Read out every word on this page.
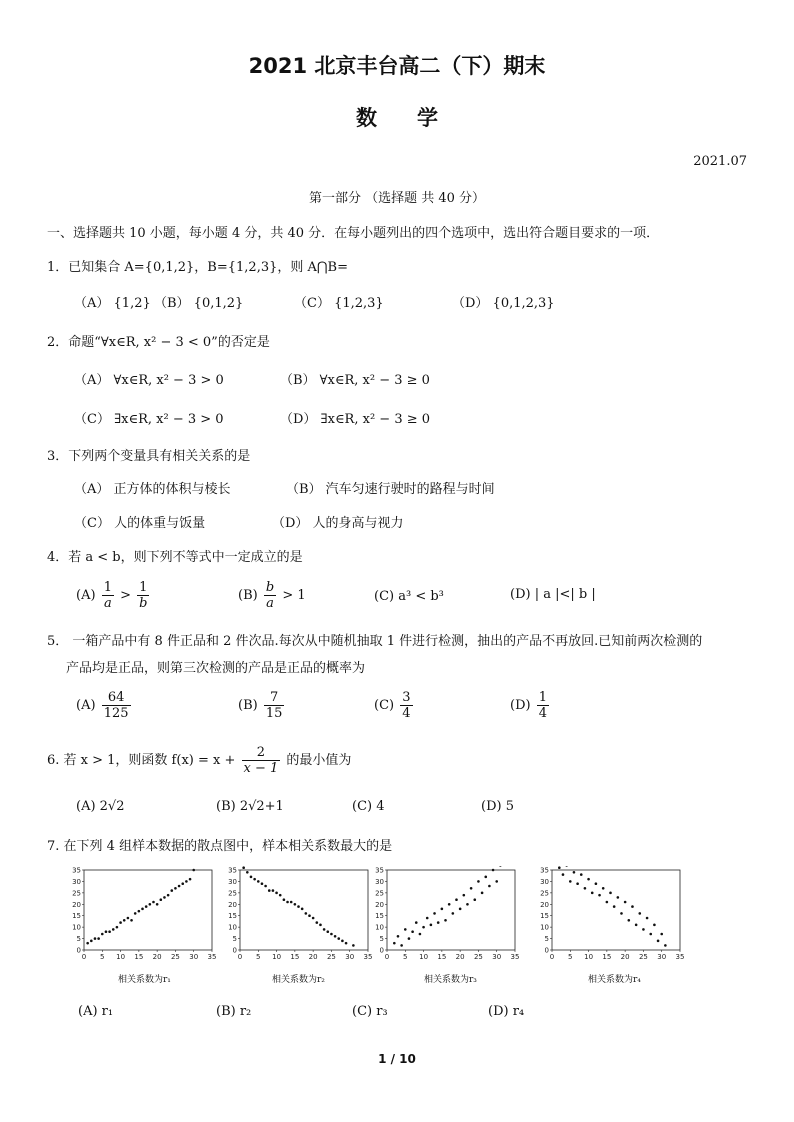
2021 北京丰台高二（下）期末
数学
2021.07
第一部分 （选择题 共 40 分）
一、选择题共 10 小题，每小题 4 分，共 40 分．在每小题列出的四个选项中，选出符合题目要求的一项．
1．已知集合 A={0,1,2}，B={1,2,3}，则 A⋂B=
（A） {1,2} （B） {0,1,2}	（C） {1,2,3}	（D） {0,1,2,3}
2．命题“∀x∈R, x² − 3 < 0”的否定是
（A） ∀x∈R, x² − 3 > 0	（B） ∀x∈R, x² − 3 ≥ 0
（C） ∃x∈R, x² − 3 > 0	（D） ∃x∈R, x² − 3 ≥ 0
3．下列两个变量具有相关关系的是
（A） 正方体的体积与棱长	（B） 汽车匀速行驶时的路程与时间
（C） 人的体重与饭量	（D） 人的身高与视力
4．若 a < b，则下列不等式中一定成立的是
$(A) \frac{1}{a} > \frac{1}{b}$	$(B) \frac{b}{a} > 1$	(C) a³ < b³	(D) | a |<| b |
5． 一箱产品中有 8 件正品和 2 件次品.每次从中随机抽取 1 件进行检测，抽出的产品不再放回.已知前两次检测的
产品均是正品，则第三次检测的产品是正品的概率为
$(A) \frac{64}{125}$	$(B) \frac{7}{15}$	$(C) \frac{3}{4}$	$(D) \frac{1}{4}$
6. 若 x > 1，则函数 $f(x) = x + \frac{2}{x - 1}$ 的最小值为
(A) 2√2	(B) 2√2+1	(C) 4	(D) 5
7. 在下列 4 组样本数据的散点图中，样本相关系数最大的是
0 5 10 15 20 25 30 35
0
5
10
15
20
25
30
35
0 5 10 15 20 25 30 35
0
5
10
15
20
25
30
35
0 5 10 15 20 25 30 35
0
5
10
15
20
25
30
35
0 5 10 15 20 25 30 35
0
5
10
15
20
25
30
35
相关系数为r₁	相关系数为r₂	相关系数为r₃	相关系数为r₄
(A) r₁	(B) r₂	(C) r₃	(D) r₄
1 / 10
